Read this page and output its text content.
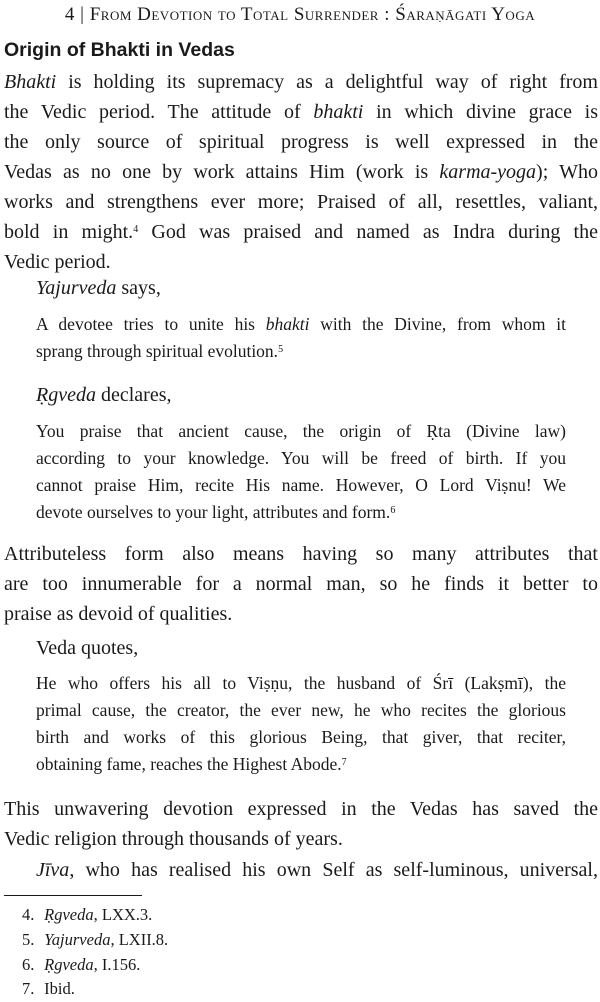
4 | From Devotion to Total Surrender : Śaraṇāgati Yoga
Origin of Bhakti in Vedas
Bhakti is holding its supremacy as a delightful way of right from
the Vedic period. The attitude of bhakti in which divine grace is
the only source of spiritual progress is well expressed in the
Vedas as no one by work attains Him (work is karma-yoga); Who
works and strengthens ever more; Praised of all, resettles, valiant,
bold in might.$^4$ God was praised and named as Indra during the
Vedic period.
Yajurveda says,
A devotee tries to unite his bhakti with the Divine, from whom it
sprang through spiritual evolution.$^5$
Ṛgveda declares,
You praise that ancient cause, the origin of Ṛta (Divine law)
according to your knowledge. You will be freed of birth. If you
cannot praise Him, recite His name. However, O Lord Viṣnu! We
devote ourselves to your light, attributes and form.$^6$
Attributeless form also means having so many attributes that
are too innumerable for a normal man, so he finds it better to
praise as devoid of qualities.
Veda quotes,
He who offers his all to Viṣṇu, the husband of Śrī (Lakṣmī), the
primal cause, the creator, the ever new, he who recites the glorious
birth and works of this glorious Being, that giver, that reciter,
obtaining fame, reaches the Highest Abode.$^7$
This unwavering devotion expressed in the Vedas has saved the
Vedic religion through thousands of years.
Jīva, who has realised his own Self as self-luminous, universal,
4. Ṛgveda, LXX.3.
5. Yajurveda, LXII.8.
6. Ṛgveda, I.156.
7. Ibid.
